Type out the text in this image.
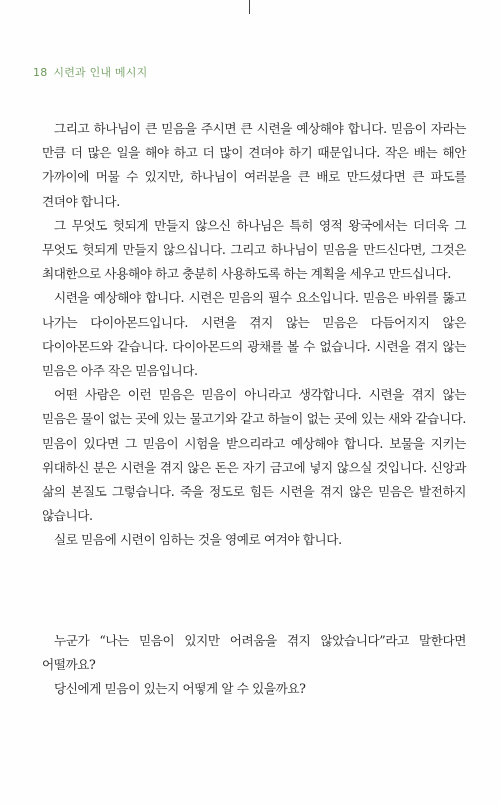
18 시련과 인내 메시지

그리고 하나님이 큰 믿음을 주시면 큰 시련을 예상해야 합니다. 믿음이 자라는 만큼 더 많은 일을 해야 하고 더 많이 견뎌야 하기 때문입니다. 작은 배는 해안 가까이에 머물 수 있지만, 하나님이 여러분을 큰 배로 만드셨다면 큰 파도를 견뎌야 합니다.

그 무엇도 헛되게 만들지 않으신 하나님은 특히 영적 왕국에서는 더더욱 그 무엇도 헛되게 만들지 않으십니다. 그리고 하나님이 믿음을 만드신다면, 그것은 최대한으로 사용해야 하고 충분히 사용하도록 하는 계획을 세우고 만드십니다.

시련을 예상해야 합니다. 시련은 믿음의 필수 요소입니다. 믿음은 바위를 뚫고 나가는 다이아몬드입니다. 시련을 겪지 않는 믿음은 다듬어지지 않은 다이아몬드와 같습니다. 다이아몬드의 광채를 볼 수 없습니다. 시련을 겪지 않는 믿음은 아주 작은 믿음입니다.

어떤 사람은 이런 믿음은 믿음이 아니라고 생각합니다. 시련을 겪지 않는 믿음은 물이 없는 곳에 있는 물고기와 같고 하늘이 없는 곳에 있는 새와 같습니다. 믿음이 있다면 그 믿음이 시험을 받으리라고 예상해야 합니다. 보물을 지키는 위대하신 분은 시련을 겪지 않은 돈은 자기 금고에 넣지 않으실 것입니다. 신앙과 삶의 본질도 그렇습니다. 죽을 정도로 힘든 시련을 겪지 않은 믿음은 발전하지 않습니다.

실로 믿음에 시련이 임하는 것을 영예로 여겨야 합니다.

누군가 “나는 믿음이 있지만 어려움을 겪지 않았습니다”라고 말한다면 어떨까요?

당신에게 믿음이 있는지 어떻게 알 수 있을까요?
